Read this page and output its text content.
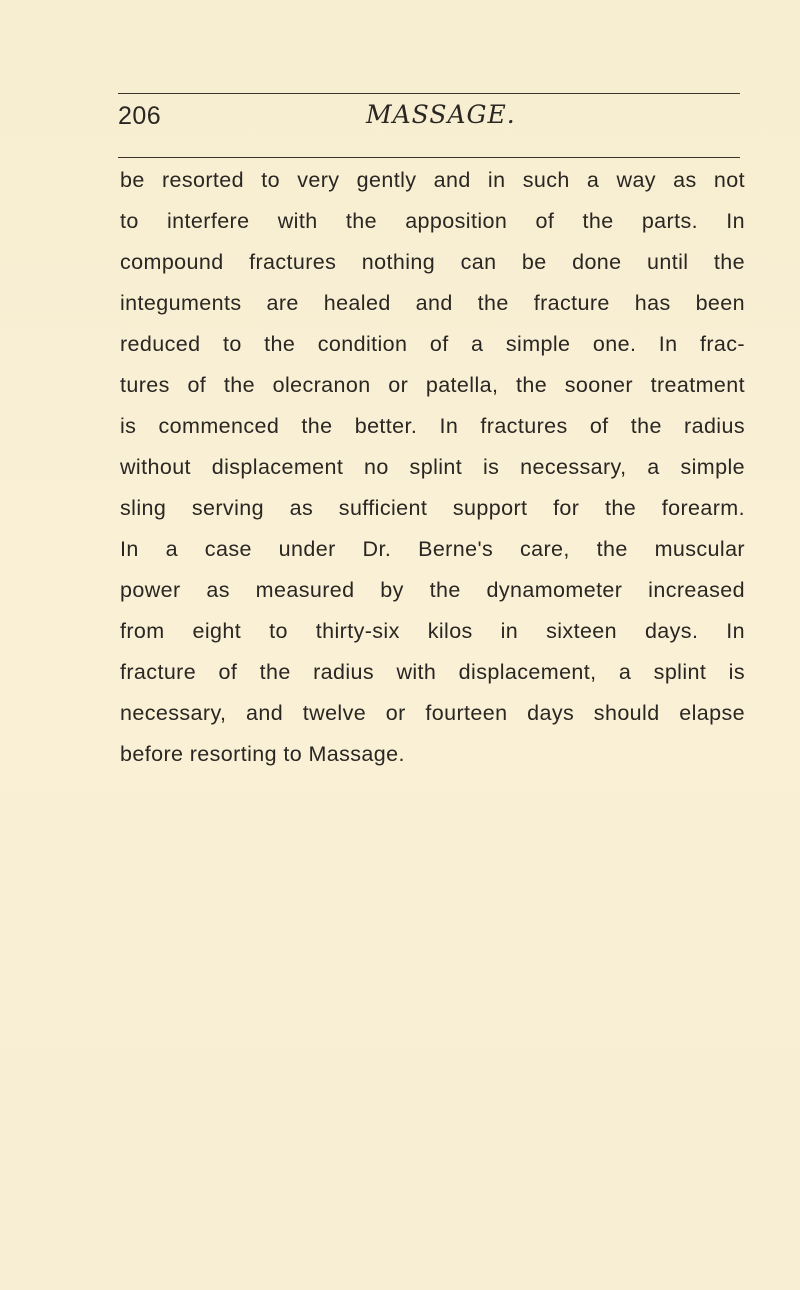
206	MASSAGE.
be resorted to very gently and in such a way as not
to interfere with the apposition of the parts. In
compound fractures nothing can be done until the
integuments are healed and the fracture has been
reduced to the condition of a simple one. In frac-
tures of the olecranon or patella, the sooner treatment
is commenced the better. In fractures of the radius
without displacement no splint is necessary, a simple
sling serving as sufficient support for the forearm.
In a case under Dr. Berne's care, the muscular
power as measured by the dynamometer increased
from eight to thirty-six kilos in sixteen days. In
fracture of the radius with displacement, a splint is
necessary, and twelve or fourteen days should elapse
before resorting to Massage.
